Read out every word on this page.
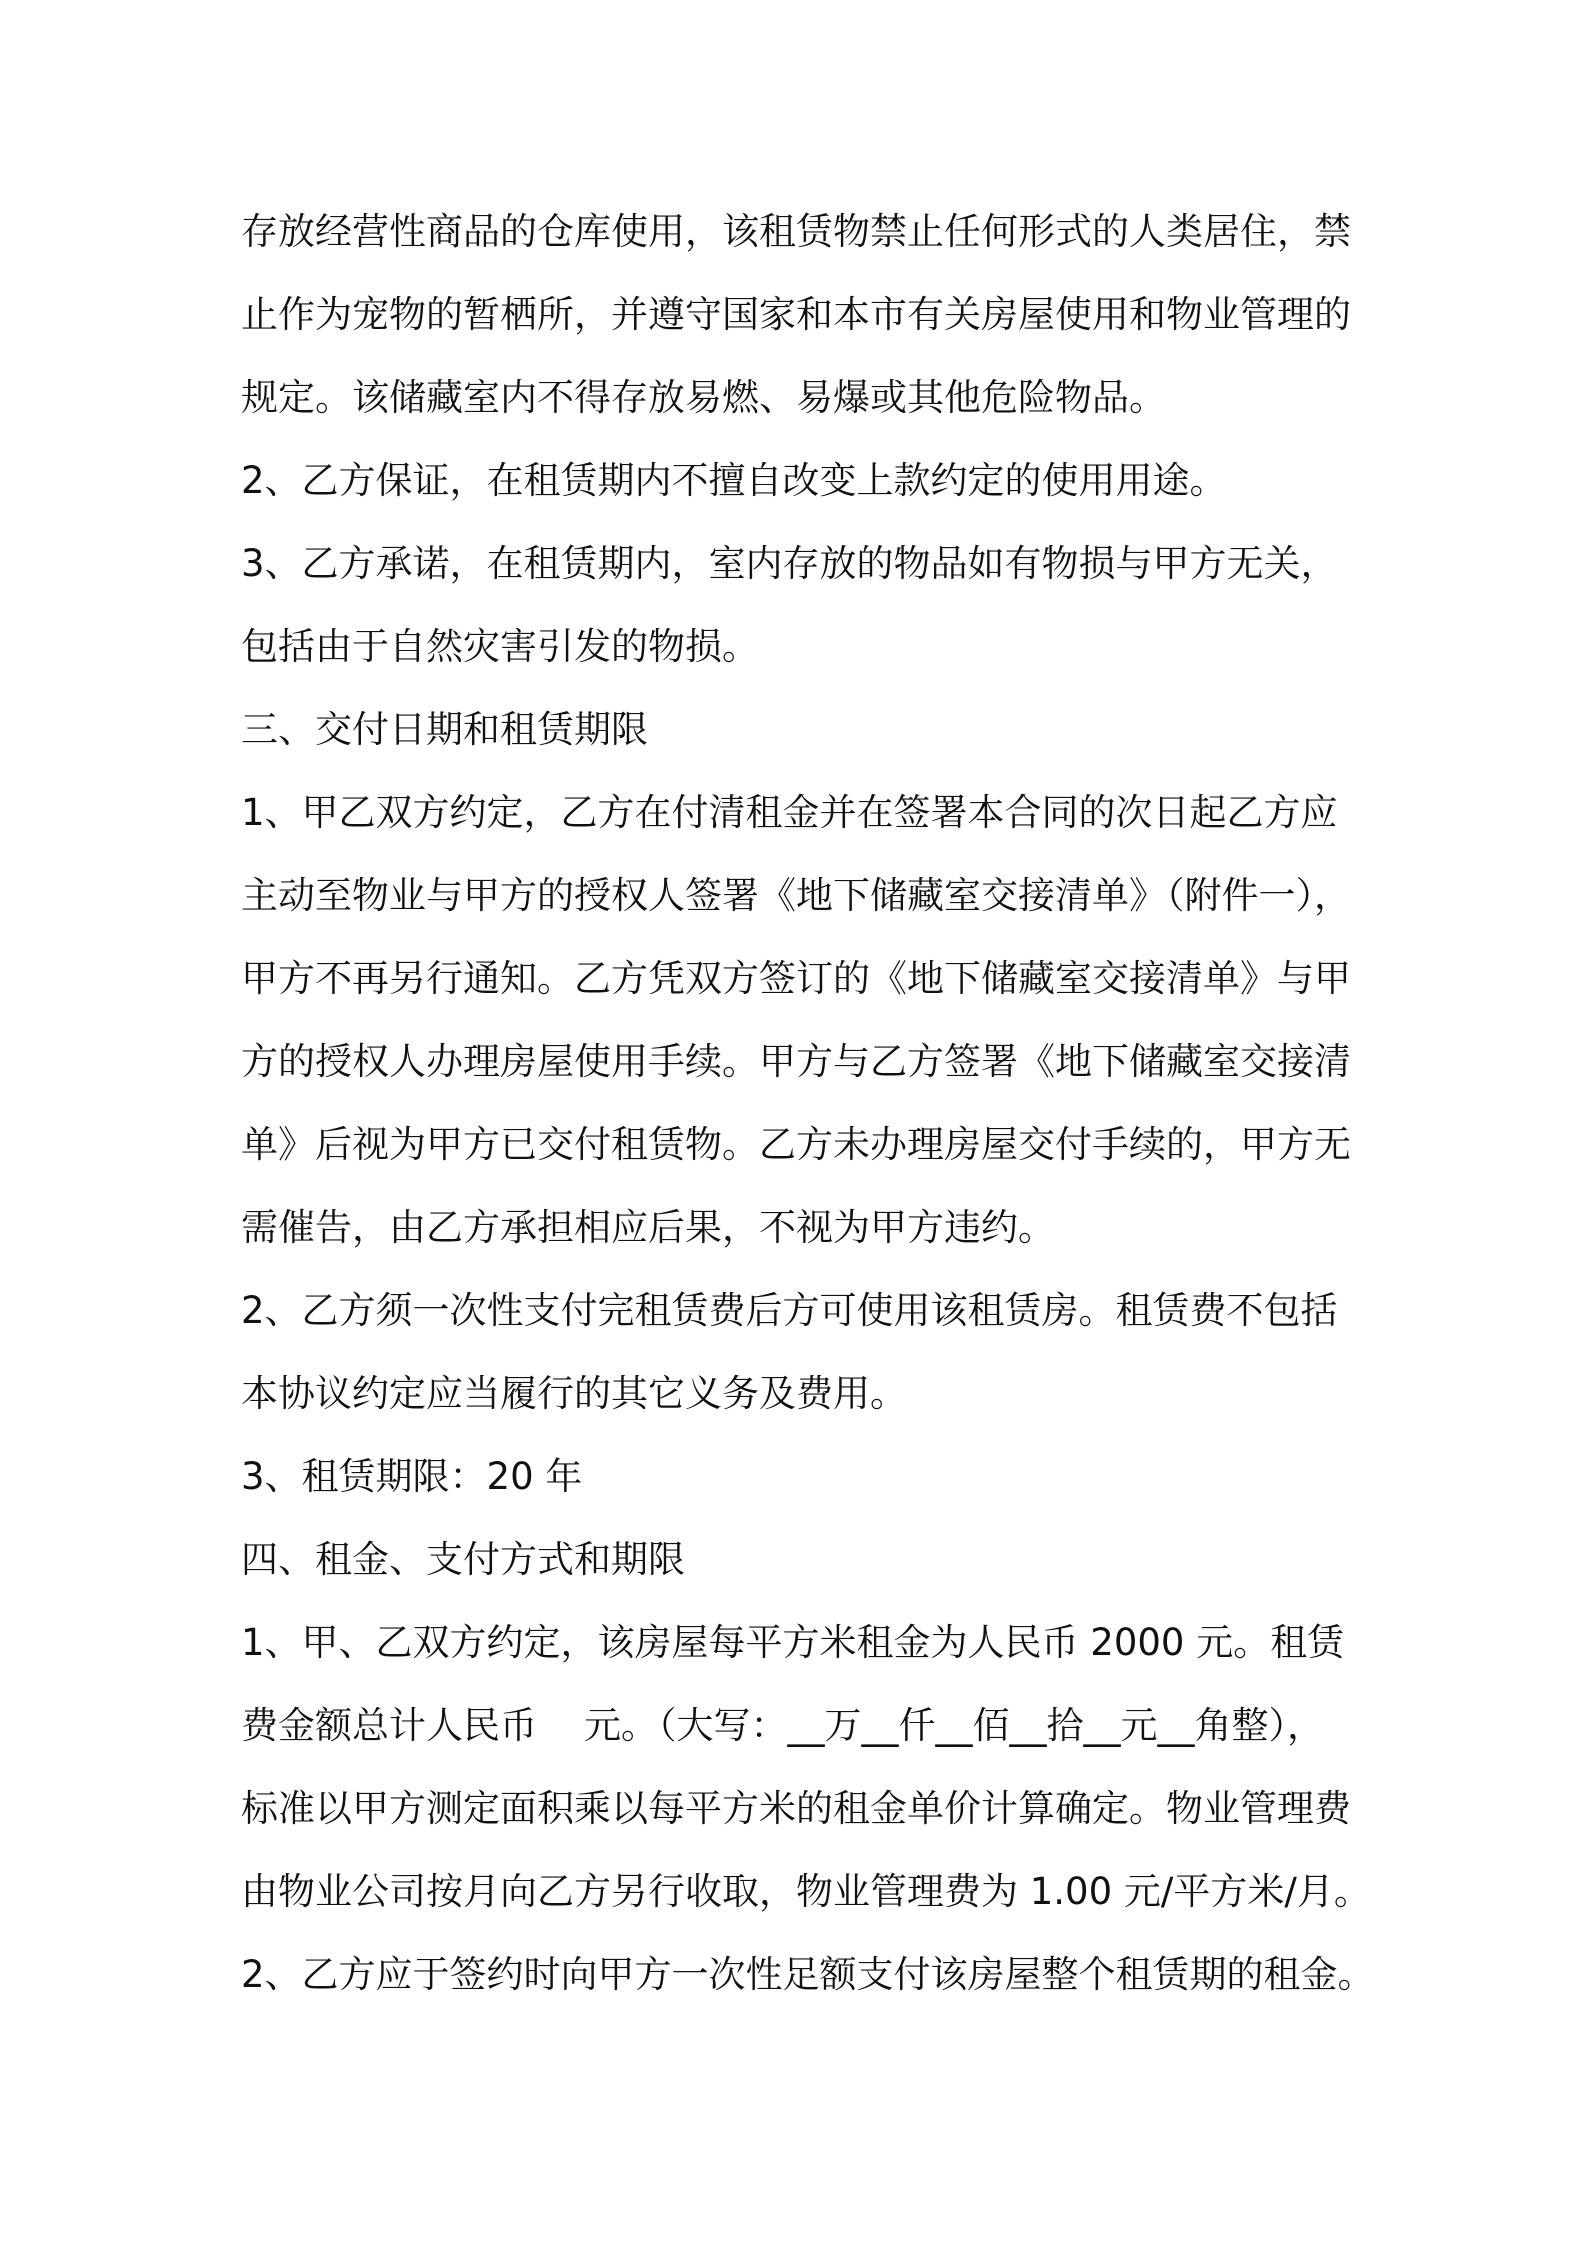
存放经营性商品的仓库使用，该租赁物禁止任何形式的人类居住，禁
止作为宠物的暂栖所，并遵守国家和本市有关房屋使用和物业管理的
规定。该储藏室内不得存放易燃、易爆或其他危险物品。
2、乙方保证，在租赁期内不擅自改变上款约定的使用用途。
3、乙方承诺，在租赁期内，室内存放的物品如有物损与甲方无关，
包括由于自然灾害引发的物损。
三、交付日期和租赁期限
1、甲乙双方约定，乙方在付清租金并在签署本合同的次日起乙方应
主动至物业与甲方的授权人签署《地下储藏室交接清单》（附件一），
甲方不再另行通知。乙方凭双方签订的《地下储藏室交接清单》与甲
方的授权人办理房屋使用手续。甲方与乙方签署《地下储藏室交接清
单》后视为甲方已交付租赁物。乙方未办理房屋交付手续的，甲方无
需催告，由乙方承担相应后果，不视为甲方违约。
2、乙方须一次性支付完租赁费后方可使用该租赁房。租赁费不包括
本协议约定应当履行的其它义务及费用。
3、租赁期限：20 年
四、租金、支付方式和期限
1、甲、乙双方约定，该房屋每平方米租金为人民币 2000 元。租赁
费金额总计人民币    元。（大写：__万__仟__佰__拾__元__角整），
标准以甲方测定面积乘以每平方米的租金单价计算确定。物业管理费
由物业公司按月向乙方另行收取，物业管理费为 1.00 元/平方米/月。
2、乙方应于签约时向甲方一次性足额支付该房屋整个租赁期的租金。
